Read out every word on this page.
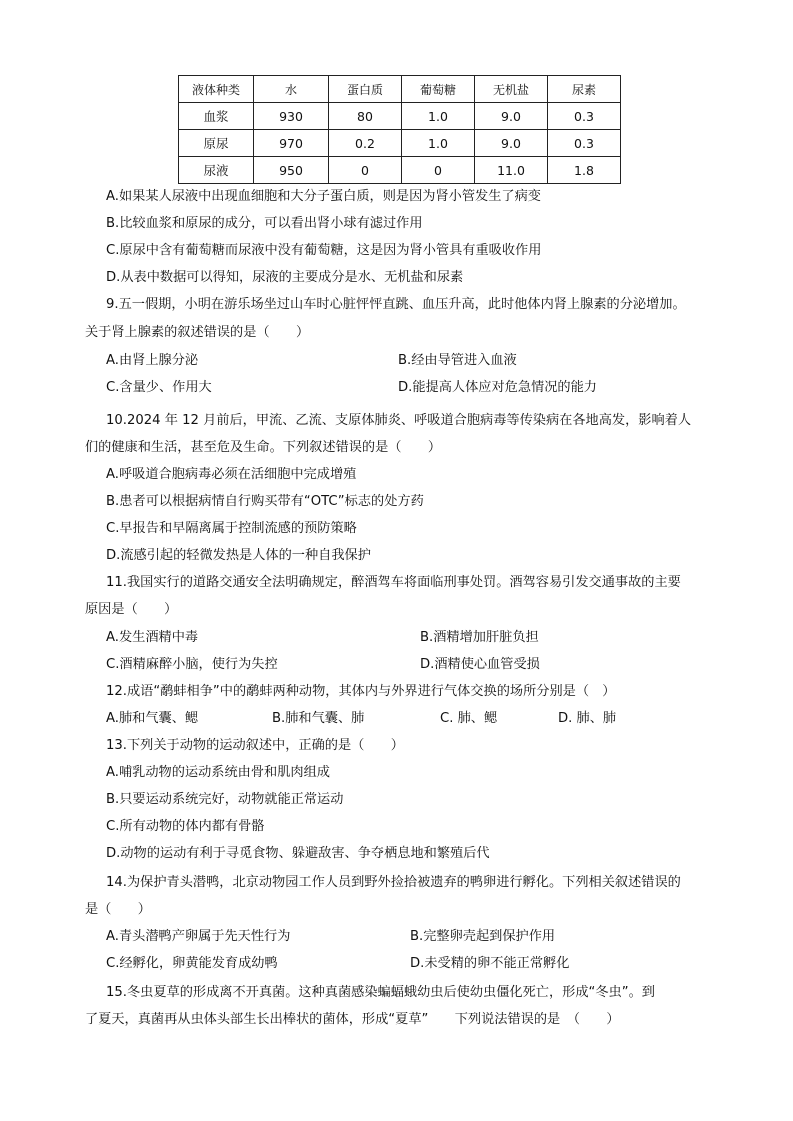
液体种类	水	蛋白质	葡萄糖	无机盐	尿素
血浆	930	80	1.0	9.0	0.3
原尿	970	0.2	1.0	9.0	0.3
尿液	950	0	0	11.0	1.8
A.如果某人尿液中出现血细胞和大分子蛋白质，则是因为肾小管发生了病变
B.比较血浆和原尿的成分，可以看出肾小球有滤过作用
C.原尿中含有葡萄糖而尿液中没有葡萄糖，这是因为肾小管具有重吸收作用
D.从表中数据可以得知，尿液的主要成分是水、无机盐和尿素
9.五一假期，小明在游乐场坐过山车时心脏怦怦直跳、血压升高，此时他体内肾上腺素的分泌增加。
关于肾上腺素的叙述错误的是（　　）
A.由肾上腺分泌	B.经由导管进入血液
C.含量少、作用大	D.能提高人体应对危急情况的能力
10.2024 年 12 月前后，甲流、乙流、支原体肺炎、呼吸道合胞病毒等传染病在各地高发，影响着人
们的健康和生活，甚至危及生命。下列叙述错误的是（　　）
A.呼吸道合胞病毒必须在活细胞中完成增殖
B.患者可以根据病情自行购买带有“OTC”标志的处方药
C.早报告和早隔离属于控制流感的预防策略
D.流感引起的轻微发热是人体的一种自我保护
11.我国实行的道路交通安全法明确规定，醉酒驾车将面临刑事处罚。酒驾容易引发交通事故的主要
原因是（　　）
A.发生酒精中毒	B.酒精增加肝脏负担
C.酒精麻醉小脑，使行为失控	D.酒精使心血管受损
12.成语“鹬蚌相争”中的鹬蚌两种动物，其体内与外界进行气体交换的场所分别是（　）
A.肺和气囊、鳃	B.肺和气囊、肺	C. 肺、鳃	D. 肺、肺
13.下列关于动物的运动叙述中，正确的是（　　）
A.哺乳动物的运动系统由骨和肌肉组成
B.只要运动系统完好，动物就能正常运动
C.所有动物的体内都有骨骼
D.动物的运动有利于寻觅食物、躲避敌害、争夺栖息地和繁殖后代
14.为保护青头潜鸭，北京动物园工作人员到野外捡拾被遗弃的鸭卵进行孵化。下列相关叙述错误的
是（　　）
A.青头潜鸭产卵属于先天性行为	B.完整卵壳起到保护作用
C.经孵化，卵黄能发育成幼鸭	D.未受精的卵不能正常孵化
15.冬虫夏草的形成离不开真菌。这种真菌感染蝙蝠蛾幼虫后使幼虫僵化死亡，形成“冬虫”。到
了夏天，真菌再从虫体头部生长出棒状的菌体，形成“夏草”　　下列说法错误的是　（　　）
